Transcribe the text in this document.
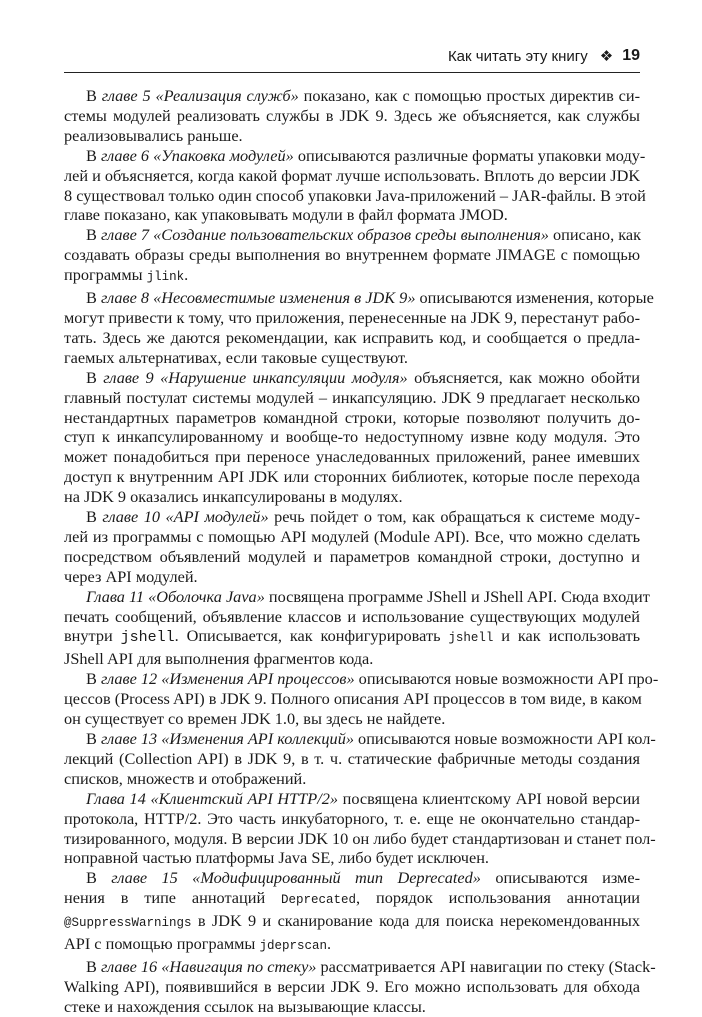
Как читать эту книгу ❖ 19
В главе 5 «Реализация служб» показано, как с помощью простых директив си-
стемы модулей реализовать службы в JDK 9. Здесь же объясняется, как службы
реализовывались раньше.
В главе 6 «Упаковка модулей» описываются различные форматы упаковки моду-
лей и объясняется, когда какой формат лучше использовать. Вплоть до версии JDK
8 существовал только один способ упаковки Java-приложений – JAR-файлы. В этой
главе показано, как упаковывать модули в файл формата JMOD.
В главе 7 «Создание пользовательских образов среды выполнения» описано, как
создавать образы среды выполнения во внутреннем формате JIMAGE с помощью
программы jlink.
В главе 8 «Несовместимые изменения в JDK 9» описываются изменения, которые
могут привести к тому, что приложения, перенесенные на JDK 9, перестанут рабо-
тать. Здесь же даются рекомендации, как исправить код, и сообщается о предла-
гаемых альтернативах, если таковые существуют.
В главе 9 «Нарушение инкапсуляции модуля» объясняется, как можно обойти
главный постулат системы модулей – инкапсуляцию. JDK 9 предлагает несколько
нестандартных параметров командной строки, которые позволяют получить до-
ступ к инкапсулированному и вообще-то недоступному извне коду модуля. Это
может понадобиться при переносе унаследованных приложений, ранее имевших
доступ к внутренним API JDK или сторонних библиотек, которые после перехода
на JDK 9 оказались инкапсулированы в модулях.
В главе 10 «API модулей» речь пойдет о том, как обращаться к системе моду-
лей из программы с помощью API модулей (Module API). Все, что можно сделать
посредством объявлений модулей и параметров командной строки, доступно и
через API модулей.
Глава 11 «Оболочка Java» посвящена программе JShell и JShell API. Сюда входит
печать сообщений, объявление классов и использование существующих модулей
внутри jshell. Описывается, как конфигурировать jshell и как использовать
JShell API для выполнения фрагментов кода.
В главе 12 «Изменения API процессов» описываются новые возможности API про-
цессов (Process API) в JDK 9. Полного описания API процессов в том виде, в каком
он существует со времен JDK 1.0, вы здесь не найдете.
В главе 13 «Изменения API коллекций» описываются новые возможности API кол-
лекций (Collection API) в JDK 9, в т. ч. статические фабричные методы создания
списков, множеств и отображений.
Глава 14 «Клиентский API HTTP/2» посвящена клиентскому API новой версии
протокола, HTTP/2. Это часть инкубаторного, т. е. еще не окончательно стандар-
тизированного, модуля. В версии JDK 10 он либо будет стандартизован и станет пол-
ноправной частью платформы Java SE, либо будет исключен.
В главе 15 «Модифицированный тип Deprecated» описываются изме-
нения в типе аннотаций Deprecated, порядок использования аннотации
@SuppressWarnings в JDK 9 и сканирование кода для поиска нерекомендованных
API с помощью программы jdeprscan.
В главе 16 «Навигация по стеку» рассматривается API навигации по стеку (Stack-
Walking API), появившийся в версии JDK 9. Его можно использовать для обхода
стеке и нахождения ссылок на вызывающие классы.
